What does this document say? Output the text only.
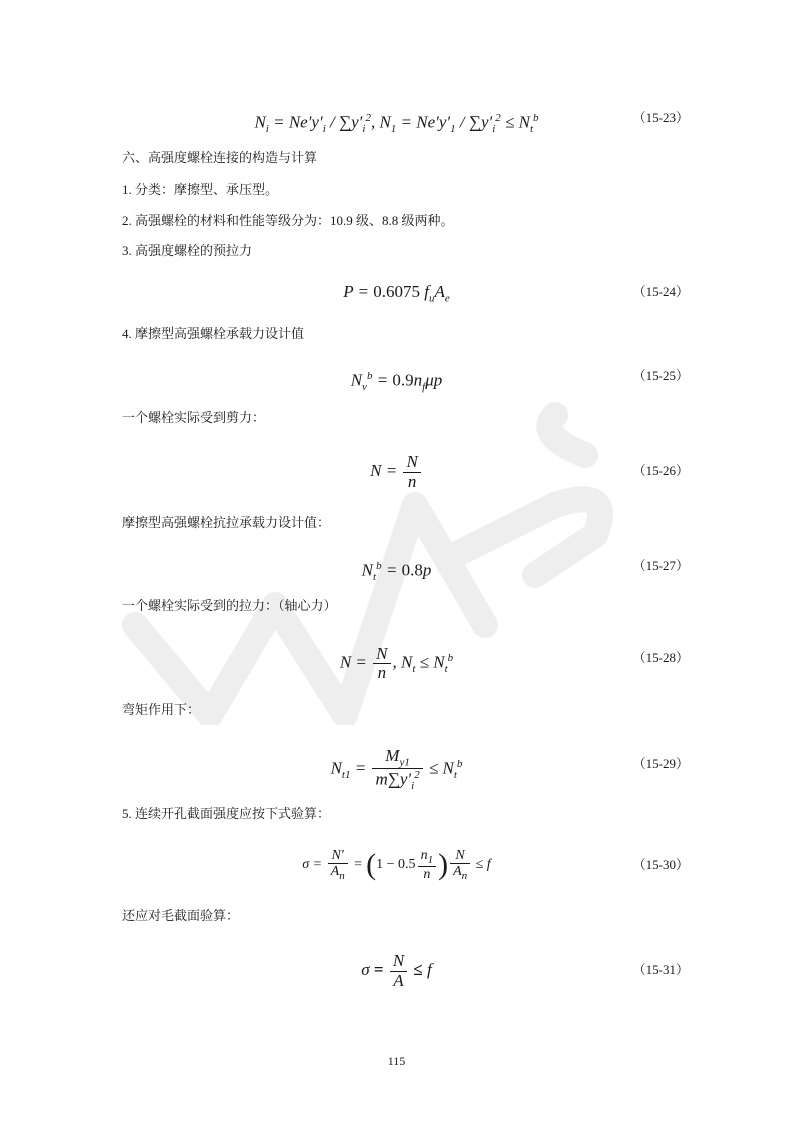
$N_i = Ne'y'_i / \sum y'_i^2$, $N_1 = Ne'y'_1 / \sum y'_i^2 \le N_t^b$	（15-23）
六、高强度螺栓连接的构造与计算
1. 分类：摩擦型、承压型。
2. 高强螺栓的材料和性能等级分为：10.9 级、8.8 级两种。
3. 高强度螺栓的预拉力
P = 0.6075 $f_uA_e$	（15-24）
4. 摩擦型高强螺栓承载力设计值
$N_v^b = 0.9n_f\mu p$	（15-25）
一个螺栓实际受到剪力：
$N = \frac{N}{n}$	（15-26）
摩擦型高强螺栓抗拉承载力设计值：
$N_t^b = 0.8p$	（15-27）
一个螺栓实际受到的拉力：（轴心力）
$N = \frac{N}{n}$ , $N_t \le N_t^b$	（15-28）
弯矩作用下：
$N_{t1} = \frac{M_{y1}}{m\sum y'_i^2} \le N_t^b$	（15-29）
5. 连续开孔截面强度应按下式验算：
$\sigma = \frac{N'}{A_n} = (1 - 0.5 \frac{n_1}{n}$ ) $\frac{N}{A_n} \le f$	（15-30）
还应对毛截面验算：
$\sigma = \frac{N}{A} \le f$	（15-31）
115
